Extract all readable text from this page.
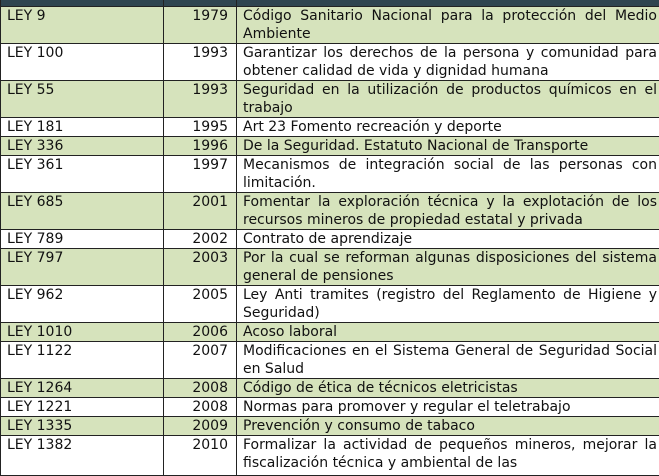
LEY 9	1979	Código Sanitario Nacional para la protección del Medio Ambiente
LEY 100	1993	Garantizar los derechos de la persona y comunidad para obtener calidad de vida y dignidad humana
LEY 55	1993	Seguridad en la utilización de productos químicos en el trabajo
LEY 181	1995	Art 23 Fomento recreación y deporte
LEY 336	1996	De la Seguridad. Estatuto Nacional de Transporte
LEY 361	1997	Mecanismos de integración social de las personas con limitación.
LEY 685	2001	Fomentar la exploración técnica y la explotación de los recursos mineros de propiedad estatal y privada
LEY 789	2002	Contrato de aprendizaje
LEY 797	2003	Por la cual se reforman algunas disposiciones del sistema general de pensiones
LEY 962	2005	Ley Anti tramites (registro del Reglamento de Higiene y Seguridad)
LEY 1010	2006	Acoso laboral
LEY 1122	2007	Modificaciones en el Sistema General de Seguridad Social en Salud
LEY 1264	2008	Código de ética de técnicos eletricistas
LEY 1221	2008	Normas para promover y regular el teletrabajo
LEY 1335	2009	Prevención y consumo de tabaco
LEY 1382	2010	Formalizar la actividad de pequeños mineros, mejorar la fiscalización técnica y ambiental de las
